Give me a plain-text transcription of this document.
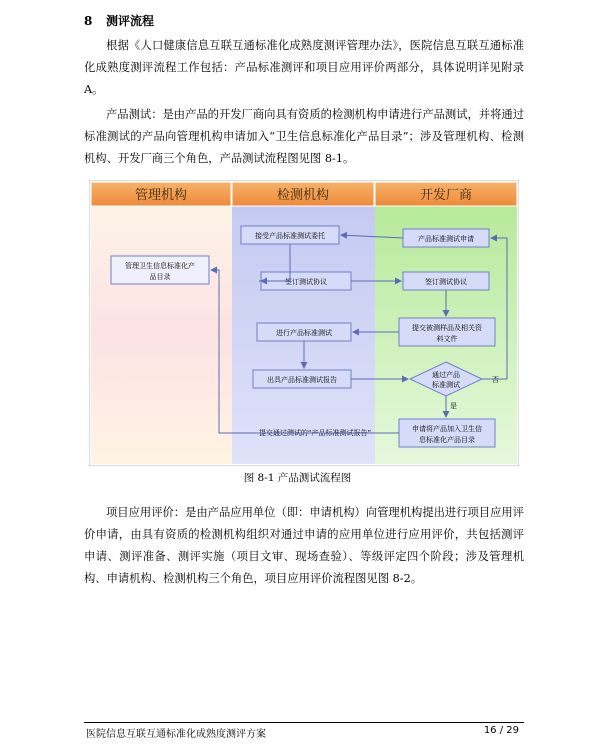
8 测评流程
根据《人口健康信息互联互通标准化成熟度测评管理办法》，医院信息互联互通标准化成熟度测评流程工作包括：产品标准测评和项目应用评价两部分，具体说明详见附录 A。
产品测试：是由产品的开发厂商向具有资质的检测机构申请进行产品测试，并将通过标准测试的产品向管理机构申请加入“卫生信息标准化产品目录”；涉及管理机构、检测机构、开发厂商三个角色，产品测试流程图见图 8-1。
管理机构	检测机构	开发厂商
管理卫生信息标准化产
品目录
接受产品标准测试委托
签订测试协议
进行产品标准测试
出具产品标准测试报告
产品标准测试申请
签订测试协议
提交被测样品及相关资
料文件
通过产品
标准测试
否
是
申请将产品加入卫生信
息标准化产品目录
提交通过测试的“产品标准测试报告”
图 8-1 产品测试流程图
项目应用评价：是由产品应用单位（即：申请机构）向管理机构提出进行项目应用评价申请，由具有资质的检测机构组织对通过申请的应用单位进行应用评价，共包括测评申请、测评准备、测评实施（项目文审、现场查验）、等级评定四个阶段；涉及管理机构、申请机构、检测机构三个角色，项目应用评价流程图见图 8-2。
医院信息互联互通标准化成熟度测评方案	16 / 29
